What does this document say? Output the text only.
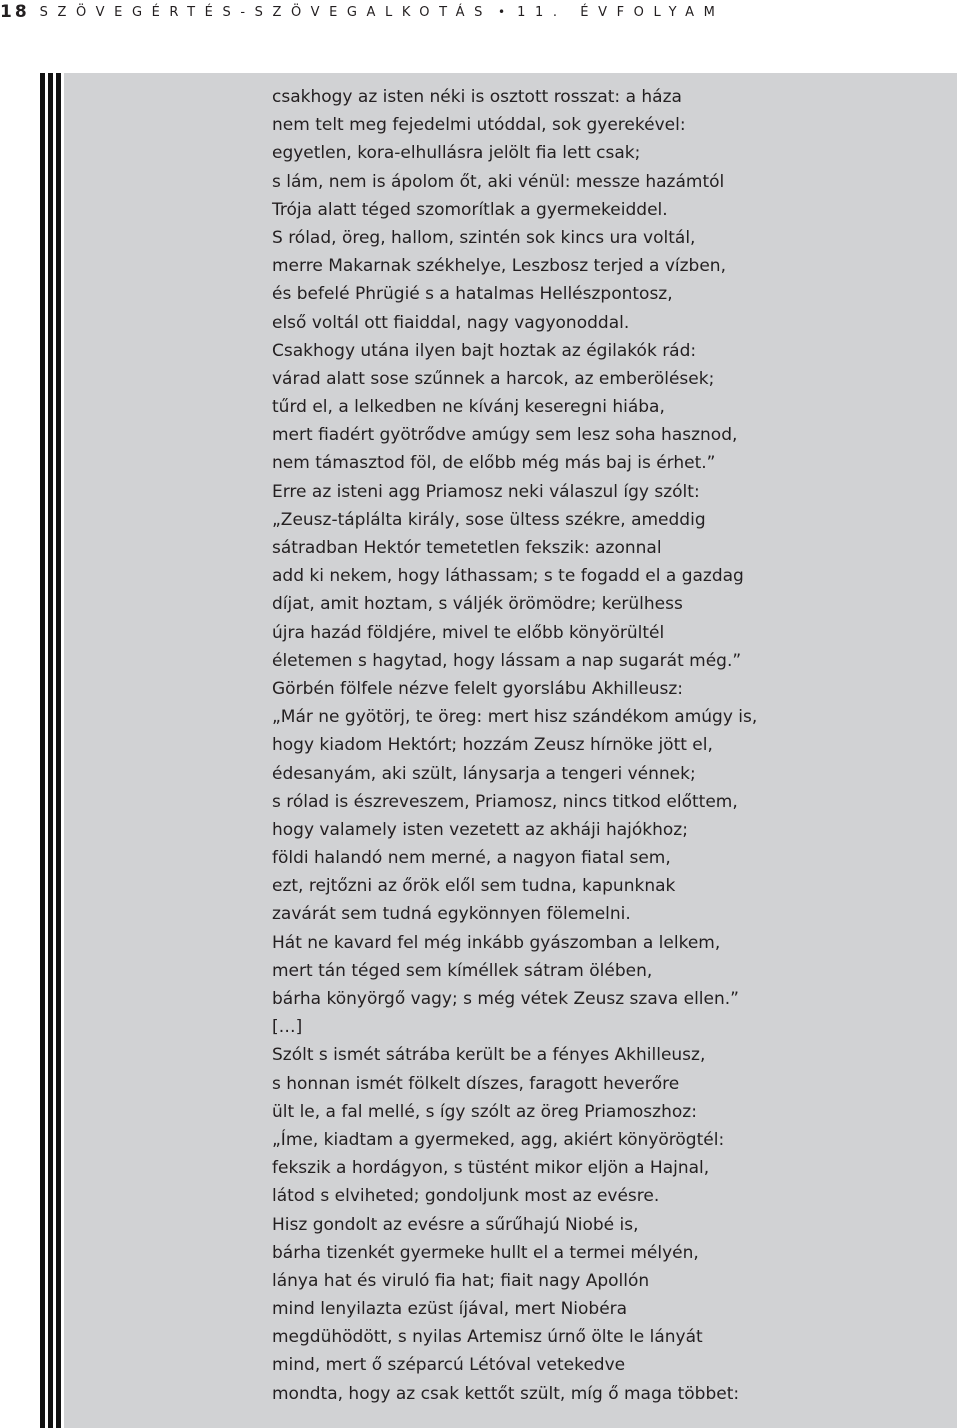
18 SZÖVEGÉRTÉS-SZÖVEGALKOTÁS • 11. ÉVFOLYAM
csakhogy az isten néki is osztott rosszat: a háza
nem telt meg fejedelmi utóddal, sok gyerekével:
egyetlen, kora-elhullásra jelölt fia lett csak;
s lám, nem is ápolom őt, aki vénül: messze hazámtól
Trója alatt téged szomorítlak a gyermekeiddel.
S rólad, öreg, hallom, szintén sok kincs ura voltál,
merre Makarnak székhelye, Leszbosz terjed a vízben,
és befelé Phrügié s a hatalmas Hellészpontosz,
első voltál ott fiaiddal, nagy vagyonoddal.
Csakhogy utána ilyen bajt hoztak az égilakók rád:
várad alatt sose szűnnek a harcok, az emberölések;
tűrd el, a lelkedben ne kívánj keseregni hiába,
mert fiadért gyötrődve amúgy sem lesz soha hasznod,
nem támasztod föl, de előbb még más baj is érhet.”
Erre az isteni agg Priamosz neki válaszul így szólt:
„Zeusz-táplálta király, sose ültess székre, ameddig
sátradban Hektór temetetlen fekszik: azonnal
add ki nekem, hogy láthassam; s te fogadd el a gazdag
díjat, amit hoztam, s váljék örömödre; kerülhess
újra hazád földjére, mivel te előbb könyörültél
életemen s hagytad, hogy lássam a nap sugarát még.”
Görbén fölfele nézve felelt gyorslábu Akhilleusz:
„Már ne gyötörj, te öreg: mert hisz szándékom amúgy is,
hogy kiadom Hektórt; hozzám Zeusz hírnöke jött el,
édesanyám, aki szült, lánysarja a tengeri vénnek;
s rólad is észreveszem, Priamosz, nincs titkod előttem,
hogy valamely isten vezetett az akháji hajókhoz;
földi halandó nem merné, a nagyon fiatal sem,
ezt, rejtőzni az őrök elől sem tudna, kapunknak
zavárát sem tudná egykönnyen fölemelni.
Hát ne kavard fel még inkább gyászomban a lelkem,
mert tán téged sem kíméllek sátram ölében,
bárha könyörgő vagy; s még vétek Zeusz szava ellen.”
[…]
Szólt s ismét sátrába került be a fényes Akhilleusz,
s honnan ismét fölkelt díszes, faragott heverőre
ült le, a fal mellé, s így szólt az öreg Priamoszhoz:
„Íme, kiadtam a gyermeked, agg, akiért könyörögtél:
fekszik a hordágyon, s tüstént mikor eljön a Hajnal,
látod s elviheted; gondoljunk most az evésre.
Hisz gondolt az evésre a sűrűhajú Niobé is,
bárha tizenkét gyermeke hullt el a termei mélyén,
lánya hat és viruló fia hat; fiait nagy Apollón
mind lenyilazta ezüst íjával, mert Niobéra
megdühödött, s nyilas Artemisz úrnő ölte le lányát
mind, mert ő széparcú Létóval vetekedve
mondta, hogy az csak kettőt szült, míg ő maga többet:
